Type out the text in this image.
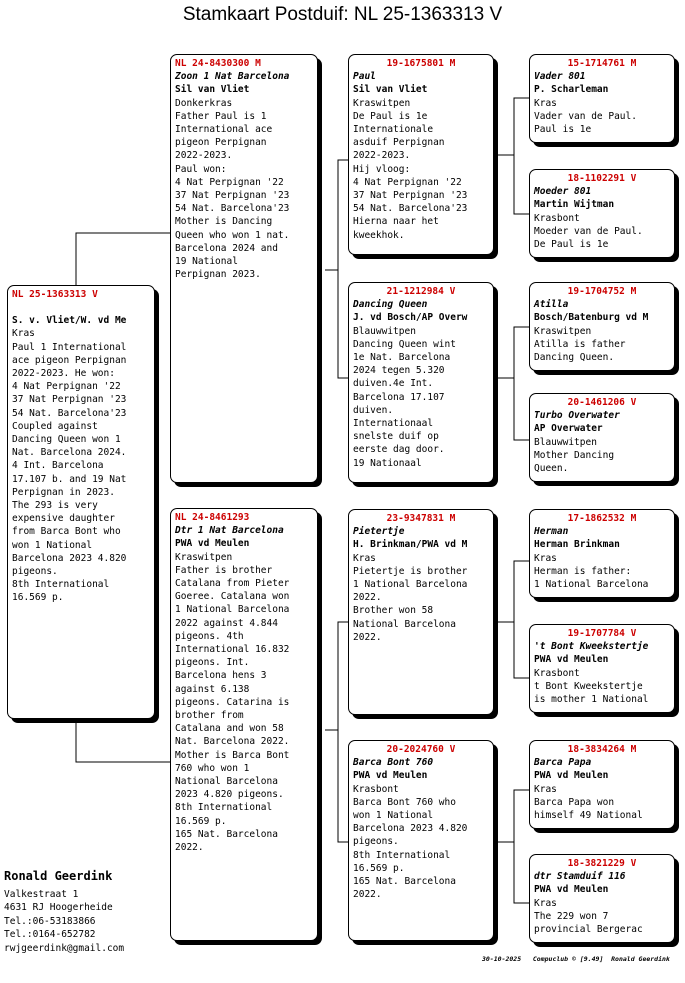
Stamkaart Postduif: NL 25-1363313 V
NL 25-1363313 V
S. v. Vliet/W. vd Me
Kras
Paul 1 International
ace pigeon Perpignan
2022-2023. He won:
4 Nat Perpignan '22
37 Nat Perpignan '23
54 Nat. Barcelona'23
Coupled against
Dancing Queen won 1
Nat. Barcelona 2024.
4 Int. Barcelona
17.107 b. and 19 Nat
Perpignan in 2023.
The 293 is very
expensive daughter
from Barca Bont who
won 1 National
Barcelona 2023 4.820
pigeons.
8th International
16.569 p.
NL 24-8430300 M
Zoon 1 Nat Barcelona
Sil van Vliet
Donkerkras
Father Paul is 1
International ace
pigeon Perpignan
2022-2023.
Paul won:
4 Nat Perpignan '22
37 Nat Perpignan '23
54 Nat. Barcelona'23
Mother is Dancing
Queen who won 1 nat.
Barcelona 2024 and
19 National
Perpignan 2023.
NL 24-8461293
Dtr 1 Nat Barcelona
PWA vd Meulen
Kraswitpen
Father is brother
Catalana from Pieter
Goeree. Catalana won
1 National Barcelona
2022 against 4.844
pigeons. 4th
International 16.832
pigeons. Int.
Barcelona hens 3
against 6.138
pigeons. Catarina is
brother from
Catalana and won 58
Nat. Barcelona 2022.
Mother is Barca Bont
760 who won 1
National Barcelona
2023 4.820 pigeons.
8th International
16.569 p.
165 Nat. Barcelona
2022.
19-1675801 M
Paul
Sil van Vliet
Kraswitpen
De Paul is 1e
Internationale
asduif Perpignan
2022-2023.
Hij vloog:
4 Nat Perpignan '22
37 Nat Perpignan '23
54 Nat. Barcelona'23
Hierna naar het
kweekhok.
21-1212984 V
Dancing Queen
J. vd Bosch/AP Overw
Blauwwitpen
Dancing Queen wint
1e Nat. Barcelona
2024 tegen 5.320
duiven.4e Int.
Barcelona 17.107
duiven.
Internationaal
snelste duif op
eerste dag door.
19 Nationaal
23-9347831 M
Pietertje
H. Brinkman/PWA vd M
Kras
Pietertje is brother
1 National Barcelona
2022.
Brother won 58
National Barcelona
2022.
20-2024760 V
Barca Bont 760
PWA vd Meulen
Krasbont
Barca Bont 760 who
won 1 National
Barcelona 2023 4.820
pigeons.
8th International
16.569 p.
165 Nat. Barcelona
2022.
15-1714761 M
Vader 801
P. Scharleman
Kras
Vader van de Paul.
Paul is 1e
18-1102291 V
Moeder 801
Martin Wijtman
Krasbont
Moeder van de Paul.
De Paul is 1e
19-1704752 M
Atilla
Bosch/Batenburg vd M
Kraswitpen
Atilla is father
Dancing Queen.
20-1461206 V
Turbo Overwater
AP Overwater
Blauwwitpen
Mother Dancing
Queen.
17-1862532 M
Herman
Herman Brinkman
Kras
Herman is father:
1 National Barcelona
19-1707784 V
't Bont Kweekstertje
PWA vd Meulen
Krasbont
t Bont Kweekstertje
is mother 1 National
18-3834264 M
Barca Papa
PWA vd Meulen
Kras
Barca Papa won
himself 49 National
18-3821229 V
dtr Stamduif 116
PWA vd Meulen
Kras
The 229 won 7
provincial Bergerac
Ronald Geerdink
Valkestraat 1
4631 RJ Hoogerheide
Tel.:06-53183866
Tel.:0164-652782
rwjgeerdink@gmail.com
30-10-2025   Compuclub © [9.49]  Ronald Geerdink
